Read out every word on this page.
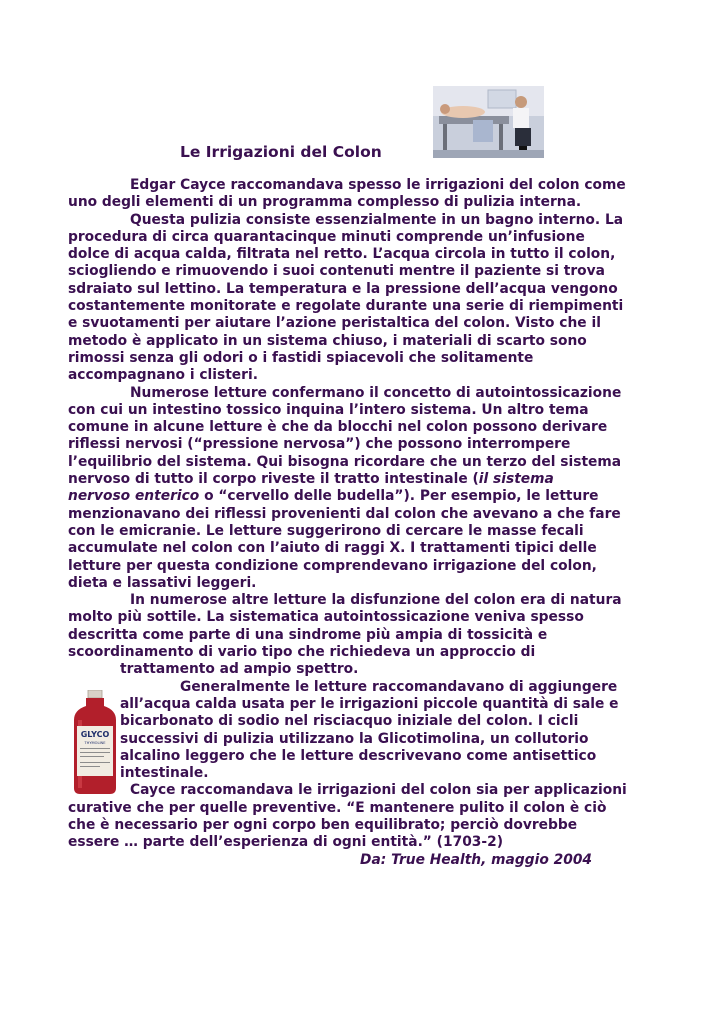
Le Irrigazioni del Colon
Edgar Cayce raccomandava spesso le irrigazioni del colon come
uno degli elementi di un programma complesso di pulizia interna.
Questa pulizia consiste essenzialmente in un bagno interno. La
procedura di circa quarantacinque minuti comprende un’infusione
dolce di acqua calda, filtrata nel retto. L’acqua circola in tutto il colon,
sciogliendo e rimuovendo i suoi contenuti mentre il paziente si trova
sdraiato sul lettino. La temperatura e la pressione dell’acqua vengono
costantemente monitorate e regolate durante una serie di riempimenti
e svuotamenti per aiutare l’azione peristaltica del colon. Visto che il
metodo è applicato in un sistema chiuso, i materiali di scarto sono
rimossi senza gli odori o i fastidi spiacevoli che solitamente
accompagnano i clisteri.
Numerose letture confermano il concetto di autointossicazione
con cui un intestino tossico inquina l’intero sistema. Un altro tema
comune in alcune letture è che da blocchi nel colon possono derivare
riflessi nervosi (“pressione nervosa”) che possono interrompere
l’equilibrio del sistema. Qui bisogna ricordare che un terzo del sistema
nervoso di tutto il corpo riveste il tratto intestinale (il sistema
nervoso enterico o “cervello delle budella”). Per esempio, le letture
menzionavano dei riflessi provenienti dal colon che avevano a che fare
con le emicranie. Le letture suggerirono di cercare le masse fecali
accumulate nel colon con l’aiuto di raggi X. I trattamenti tipici delle
letture per questa condizione comprendevano irrigazione del colon,
dieta e lassativi leggeri.
In numerose altre letture la disfunzione del colon era di natura
molto più sottile. La sistematica autointossicazione veniva spesso
descritta come parte di una sindrome più ampia di tossicità e
scoordinamento di vario tipo che richiedeva un approccio di
trattamento ad ampio spettro.
Generalmente le letture raccomandavano di aggiungere
all’acqua calda usata per le irrigazioni piccole quantità di sale e
bicarbonato di sodio nel risciacquo iniziale del colon. I cicli
successivi di pulizia utilizzano la Glicotimolina, un collutorio
alcalino leggero che le letture descrivevano come antisettico
intestinale.
Cayce raccomandava le irrigazioni del colon sia per applicazioni
curative che per quelle preventive. “E mantenere pulito il colon è ciò
che è necessario per ogni corpo ben equilibrato; perciò dovrebbe
essere … parte dell’esperienza di ogni entità.” (1703-2)
Da: True Health, maggio 2004
GLYCO
THYMOLINE
